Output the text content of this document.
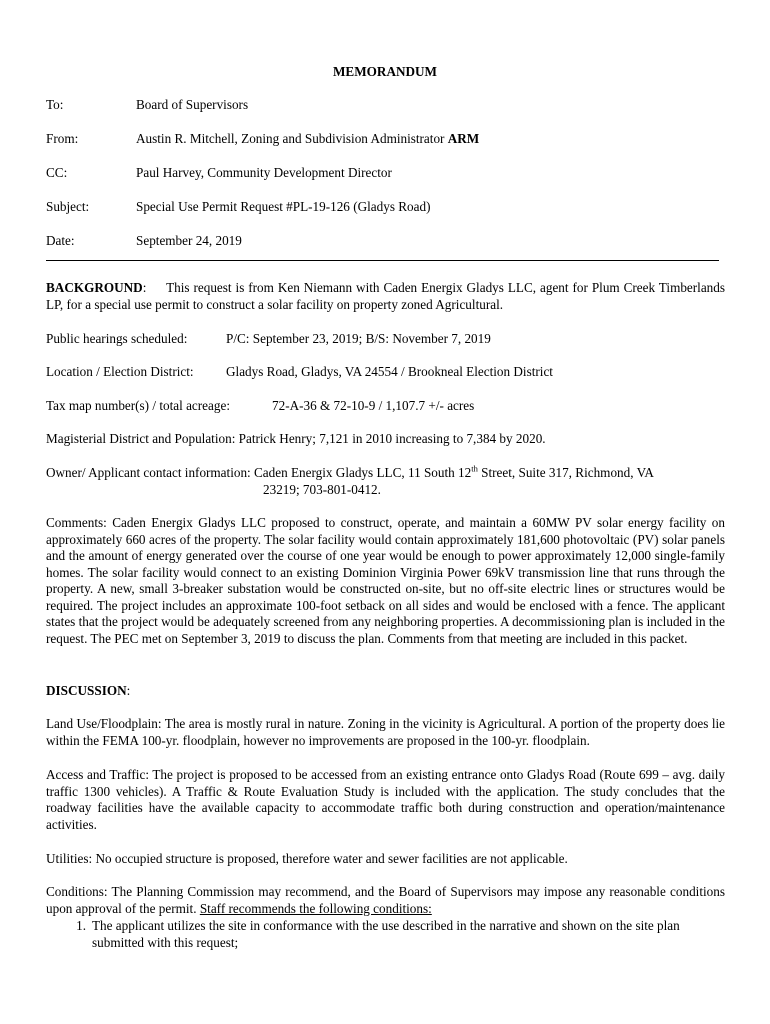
MEMORANDUM
To:	Board of Supervisors
From:	Austin R. Mitchell, Zoning and Subdivision Administrator ARM
CC:	Paul Harvey, Community Development Director
Subject:	Special Use Permit Request #PL-19-126 (Gladys Road)
Date:	September 24, 2019
BACKGROUND:     This request is from Ken Niemann with Caden Energix Gladys LLC, agent for Plum Creek Timberlands LP, for a special use permit to construct a solar facility on property zoned Agricultural.
Public hearings scheduled:	P/C: September 23, 2019; B/S: November 7, 2019
Location / Election District: Gladys Road, Gladys, VA 24554 / Brookneal Election District
Tax map number(s) / total acreage:	72-A-36 & 72-10-9 / 1,107.7 +/- acres
Magisterial District and Population: Patrick Henry; 7,121 in 2010 increasing to 7,384 by 2020.
Owner/ Applicant contact information: Caden Energix Gladys LLC, 11 South 12th Street, Suite 317, Richmond, VA
23219; 703-801-0412.
Comments: Caden Energix Gladys LLC proposed to construct, operate, and maintain a 60MW PV solar energy facility on approximately 660 acres of the property. The solar facility would contain approximately 181,600 photovoltaic (PV) solar panels and the amount of energy generated over the course of one year would be enough to power approximately 12,000 single-family homes. The solar facility would connect to an existing Dominion Virginia Power 69kV transmission line that runs through the property. A new, small 3-breaker substation would be constructed on-site, but no off-site electric lines or structures would be required. The project includes an approximate 100-foot setback on all sides and would be enclosed with a fence. The applicant states that the project would be adequately screened from any neighboring properties. A decommissioning plan is included in the request. The PEC met on September 3, 2019 to discuss the plan. Comments from that meeting are included in this packet.
DISCUSSION:
Land Use/Floodplain: The area is mostly rural in nature. Zoning in the vicinity is Agricultural. A portion of the property does lie within the FEMA 100-yr. floodplain, however no improvements are proposed in the 100-yr. floodplain.
Access and Traffic: The project is proposed to be accessed from an existing entrance onto Gladys Road (Route 699 – avg. daily traffic 1300 vehicles). A Traffic & Route Evaluation Study is included with the application. The study concludes that the roadway facilities have the available capacity to accommodate traffic both during construction and operation/maintenance activities.
Utilities: No occupied structure is proposed, therefore water and sewer facilities are not applicable.
Conditions: The Planning Commission may recommend, and the Board of Supervisors may impose any reasonable conditions upon approval of the permit. Staff recommends the following conditions:
1. The applicant utilizes the site in conformance with the use described in the narrative and shown on the site plan submitted with this request;
